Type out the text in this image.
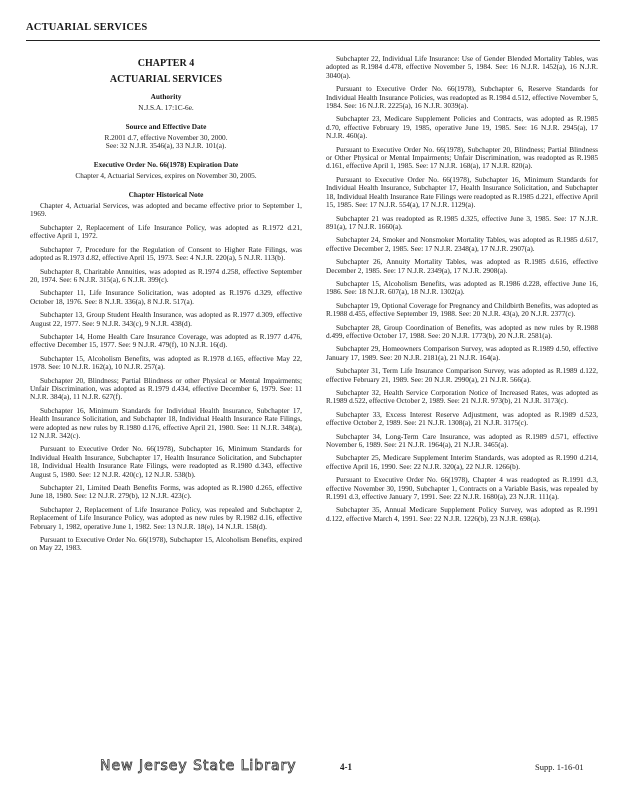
ACTUARIAL SERVICES
CHAPTER 4
ACTUARIAL SERVICES
Authority
N.J.S.A. 17:1C-6e.
Source and Effective Date
R.2001 d.7, effective November 30, 2000.
See: 32 N.J.R. 3546(a), 33 N.J.R. 101(a).
Executive Order No. 66(1978) Expiration Date
Chapter 4, Actuarial Services, expires on November 30, 2005.
Chapter Historical Note

Chapter 4, Actuarial Services, was adopted and became effective prior to September 1, 1969.

Subchapter 2, Replacement of Life Insurance Policy, was adopted as R.1972 d.21, effective April 1, 1972.

Subchapter 7, Procedure for the Regulation of Consent to Higher Rate Filings, was adopted as R.1973 d.82, effective April 15, 1973. See: 4 N.J.R. 220(a), 5 N.J.R. 113(b).

Subchapter 8, Charitable Annuities, was adopted as R.1974 d.258, effective September 20, 1974. See: 6 N.J.R. 315(a), 6 N.J.R. 399(c).

Subchapter 11, Life Insurance Solicitation, was adopted as R.1976 d.329, effective October 18, 1976. See: 8 N.J.R. 336(a), 8 N.J.R. 517(a).

Subchapter 13, Group Student Health Insurance, was adopted as R.1977 d.309, effective August 22, 1977. See: 9 N.J.R. 343(c), 9 N.J.R. 438(d).

Subchapter 14, Home Health Care Insurance Coverage, was adopted as R.1977 d.476, effective December 15, 1977. See: 9 N.J.R. 479(f), 10 N.J.R. 16(d).

Subchapter 15, Alcoholism Benefits, was adopted as R.1978 d.165, effective May 22, 1978. See: 10 N.J.R. 162(a), 10 N.J.R. 257(a).

Subchapter 20, Blindness; Partial Blindness or other Physical or Mental Impairments; Unfair Discrimination, was adopted as R.1979 d.434, effective December 6, 1979. See: 11 N.J.R. 384(a), 11 N.J.R. 627(f).

Subchapter 16, Minimum Standards for Individual Health Insurance, Subchapter 17, Health Insurance Solicitation, and Subchapter 18, Individual Health Insurance Rate Filings, were adopted as new rules by R.1980 d.176, effective April 21, 1980. See: 11 N.J.R. 348(a), 12 N.J.R. 342(c).

Pursuant to Executive Order No. 66(1978), Subchapter 16, Minimum Standards for Individual Health Insurance, Subchapter 17, Health Insurance Solicitation, and Subchapter 18, Individual Health Insurance Rate Filings, were readopted as R.1980 d.343, effective August 5, 1980. See: 12 N.J.R. 420(c), 12 N.J.R. 538(b).

Subchapter 21, Limited Death Benefits Forms, was adopted as R.1980 d.265, effective June 18, 1980. See: 12 N.J.R. 279(b), 12 N.J.R. 423(c).

Subchapter 2, Replacement of Life Insurance Policy, was repealed and Subchapter 2, Replacement of Life Insurance Policy, was adopted as new rules by R.1982 d.16, effective February 1, 1982, operative June 1, 1982. See: 13 N.J.R. 18(e), 14 N.J.R. 158(d).

Pursuant to Executive Order No. 66(1978), Subchapter 15, Alcoholism Benefits, expired on May 22, 1983.

Subchapter 22, Individual Life Insurance: Use of Gender Blended Mortality Tables, was adopted as R.1984 d.478, effective November 5, 1984. See: 16 N.J.R. 1452(a), 16 N.J.R. 3040(a).

Pursuant to Executive Order No. 66(1978), Subchapter 6, Reserve Standards for Individual Health Insurance Policies, was readopted as R.1984 d.512, effective November 5, 1984. See: 16 N.J.R. 2225(a), 16 N.J.R. 3039(a).

Subchapter 23, Medicare Supplement Policies and Contracts, was adopted as R.1985 d.70, effective February 19, 1985, operative June 19, 1985. See: 16 N.J.R. 2945(a), 17 N.J.R. 460(a).

Pursuant to Executive Order No. 66(1978), Subchapter 20, Blindness; Partial Blindness or Other Physical or Mental Impairments; Unfair Discrimination, was readopted as R.1985 d.161, effective April 1, 1985. See: 17 N.J.R. 168(a), 17 N.J.R. 820(a).

Pursuant to Executive Order No. 66(1978), Subchapter 16, Minimum Standards for Individual Health Insurance, Subchapter 17, Health Insurance Solicitation, and Subchapter 18, Individual Health Insurance Rate Filings were readopted as R.1985 d.221, effective April 15, 1985. See: 17 N.J.R. 554(a), 17 N.J.R. 1129(a).

Subchapter 21 was readopted as R.1985 d.325, effective June 3, 1985. See: 17 N.J.R. 891(a), 17 N.J.R. 1660(a).

Subchapter 24, Smoker and Nonsmoker Mortality Tables, was adopted as R.1985 d.617, effective December 2, 1985. See: 17 N.J.R. 2348(a), 17 N.J.R. 2907(a).

Subchapter 26, Annuity Mortality Tables, was adopted as R.1985 d.616, effective December 2, 1985. See: 17 N.J.R. 2349(a), 17 N.J.R. 2908(a).

Subchapter 15, Alcoholism Benefits, was adopted as R.1986 d.228, effective June 16, 1986. See: 18 N.J.R. 607(a), 18 N.J.R. 1302(a).

Subchapter 19, Optional Coverage for Pregnancy and Childbirth Benefits, was adopted as R.1988 d.455, effective September 19, 1988. See: 20 N.J.R. 43(a), 20 N.J.R. 2377(c).

Subchapter 28, Group Coordination of Benefits, was adopted as new rules by R.1988 d.499, effective October 17, 1988. See: 20 N.J.R. 1773(b), 20 N.J.R. 2581(a).

Subchapter 29, Homeowners Comparison Survey, was adopted as R.1989 d.50, effective January 17, 1989. See: 20 N.J.R. 2181(a), 21 N.J.R. 164(a).

Subchapter 31, Term Life Insurance Comparison Survey, was adopted as R.1989 d.122, effective February 21, 1989. See: 20 N.J.R. 2990(a), 21 N.J.R. 566(a).

Subchapter 32, Health Service Corporation Notice of Increased Rates, was adopted as R.1989 d.522, effective October 2, 1989. See: 21 N.J.R. 973(b), 21 N.J.R. 3173(c).

Subchapter 33, Excess Interest Reserve Adjustment, was adopted as R.1989 d.523, effective October 2, 1989. See: 21 N.J.R. 1308(a), 21 N.J.R. 3175(c).

Subchapter 34, Long-Term Care Insurance, was adopted as R.1989 d.571, effective November 6, 1989. See: 21 N.J.R. 1964(a), 21 N.J.R. 3465(a).

Subchapter 25, Medicare Supplement Interim Standards, was adopted as R.1990 d.214, effective April 16, 1990. See: 22 N.J.R. 320(a), 22 N.J.R. 1266(b).

Pursuant to Executive Order No. 66(1978), Chapter 4 was readopted as R.1991 d.3, effective November 30, 1990, Subchapter 1, Contracts on a Variable Basis, was repealed by R.1991 d.3, effective January 7, 1991. See: 22 N.J.R. 1680(a), 23 N.J.R. 111(a).

Subchapter 35, Annual Medicare Supplement Policy Survey, was adopted as R.1991 d.122, effective March 4, 1991. See: 22 N.J.R. 1226(b), 23 N.J.R. 698(a).

New Jersey State Library	4-1	Supp. 1-16-01
